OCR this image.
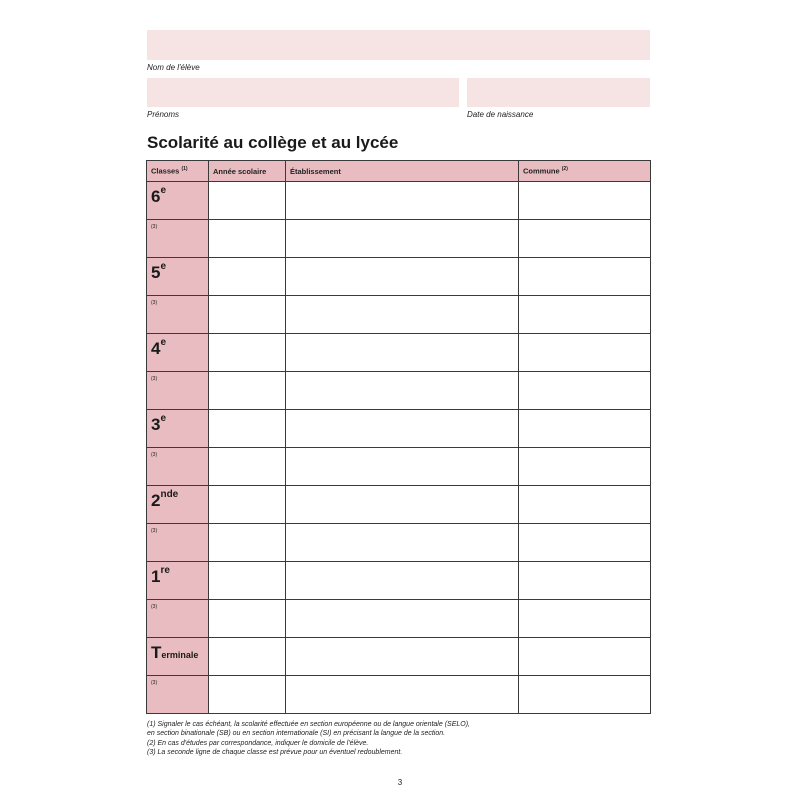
Nom de l'élève
Prénoms	Date de naissance
Scolarité au collège et au lycée
Classes $^{(1)}$	Année scolaire	Établissement	Commune $^{(2)}$

6e

(3)			

5e

(3)			

4e

(3)			

3e

(3)			

2nde

(3)			

1re

(3)			

Terminale			

(3)			

(1) Signaler le cas échéant, la scolarité effectuée en section européenne ou de langue orientale (SELO),
en section binationale (SB) ou en section internationale (SI) en précisant la langue de la section.
(2) En cas d'études par correspondance, indiquer le domicile de l'élève.
(3) La seconde ligne de chaque classe est prévue pour un éventuel redoublement.
3
